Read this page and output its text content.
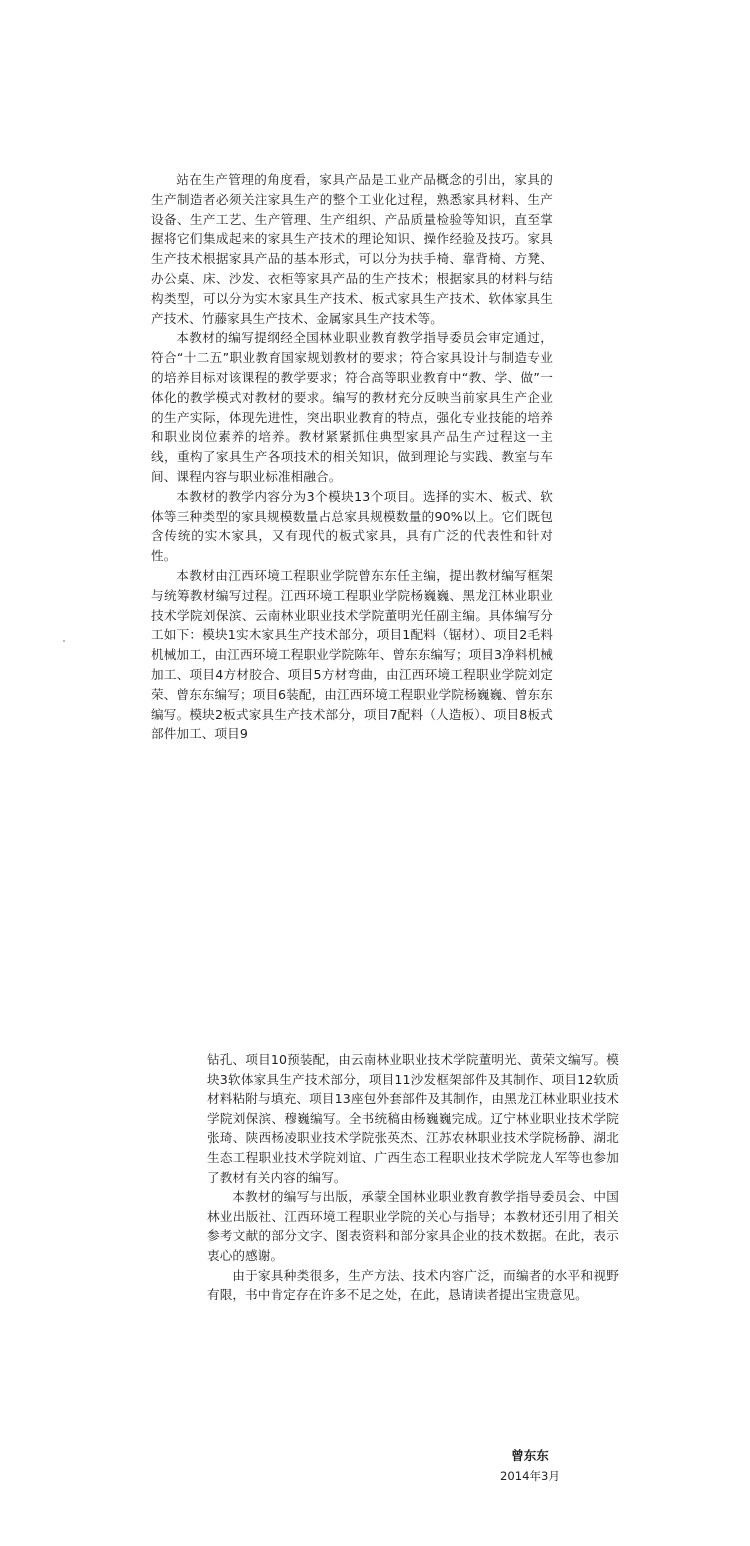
站在生产管理的角度看，家具产品是工业产品概念的引出，家具的生产制造者必须关注家具生产的整个工业化过程，熟悉家具材料、生产设备、生产工艺、生产管理、生产组织、产品质量检验等知识，直至掌握将它们集成起来的家具生产技术的理论知识、操作经验及技巧。家具生产技术根据家具产品的基本形式，可以分为扶手椅、靠背椅、方凳、办公桌、床、沙发、衣柜等家具产品的生产技术；根据家具的材料与结构类型，可以分为实木家具生产技术、板式家具生产技术、软体家具生产技术、竹藤家具生产技术、金属家具生产技术等。

本教材的编写提纲经全国林业职业教育教学指导委员会审定通过，符合“十二五”职业教育国家规划教材的要求；符合家具设计与制造专业的培养目标对该课程的教学要求；符合高等职业教育中“教、学、做”一体化的教学模式对教材的要求。编写的教材充分反映当前家具生产企业的生产实际，体现先进性，突出职业教育的特点，强化专业技能的培养和职业岗位素养的培养。教材紧紧抓住典型家具产品生产过程这一主线，重构了家具生产各项技术的相关知识，做到理论与实践、教室与车间、课程内容与职业标准相融合。

本教材的教学内容分为3个模块13个项目。选择的实木、板式、软体等三种类型的家具规模数量占总家具规模数量的90%以上。它们既包含传统的实木家具，又有现代的板式家具，具有广泛的代表性和针对性。

本教材由江西环境工程职业学院曾东东任主编，提出教材编写框架与统筹教材编写过程。江西环境工程职业学院杨巍巍、黑龙江林业职业技术学院刘保滨、云南林业职业技术学院董明光任副主编。具体编写分工如下：模块1实木家具生产技术部分，项目1配料（锯材）、项目2毛料机械加工，由江西环境工程职业学院陈年、曾东东编写；项目3净料机械加工、项目4方材胶合、项目5方材弯曲，由江西环境工程职业学院刘定荣、曾东东编写；项目6装配，由江西环境工程职业学院杨巍巍、曾东东编写。模块2板式家具生产技术部分，项目7配料（人造板）、项目8板式部件加工、项目9

钻孔、项目10预装配，由云南林业职业技术学院董明光、黄荣文编写。模块3软体家具生产技术部分，项目11沙发框架部件及其制作、项目12软质材料粘附与填充、项目13座包外套部件及其制作，由黑龙江林业职业技术学院刘保滨、穆巍编写。全书统稿由杨巍巍完成。辽宁林业职业技术学院张琦、陕西杨凌职业技术学院张英杰、江苏农林职业技术学院杨静、湖北生态工程职业技术学院刘谊、广西生态工程职业技术学院龙人军等也参加了教材有关内容的编写。

本教材的编写与出版，承蒙全国林业职业教育教学指导委员会、中国林业出版社、江西环境工程职业学院的关心与指导；本教材还引用了相关参考文献的部分文字、图表资料和部分家具企业的技术数据。在此，表示衷心的感谢。

由于家具种类很多，生产方法、技术内容广泛，而编者的水平和视野有限，书中肯定存在许多不足之处，在此，恳请读者提出宝贵意见。

曾东东

2014年3月
